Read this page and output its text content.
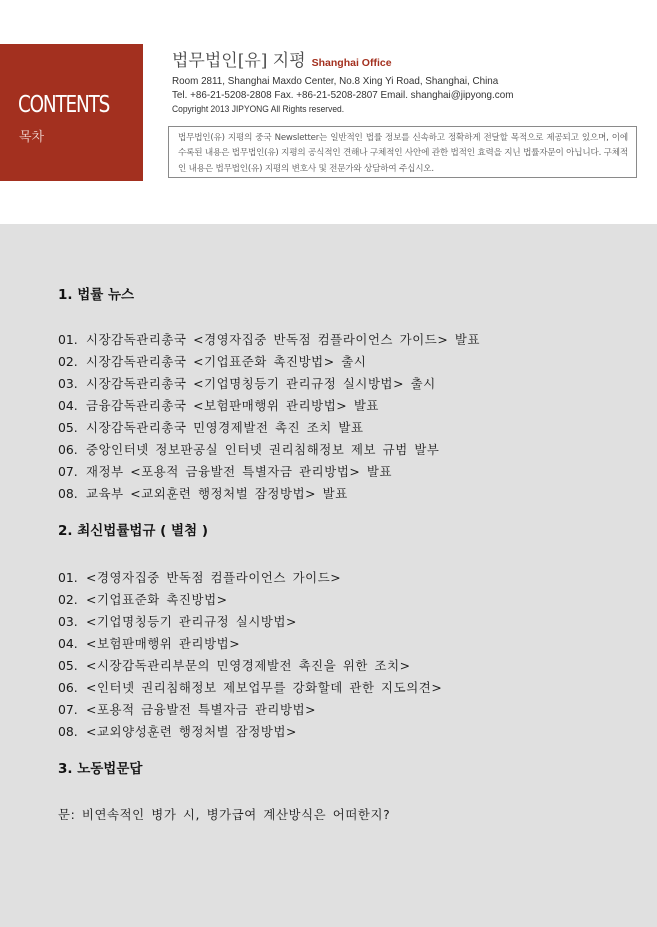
CONTENTS
목차
법무법인[유] 지평 Shanghai Office
Room 2811, Shanghai Maxdo Center, No.8 Xing Yi Road, Shanghai, China
Tel. +86-21-5208-2808 Fax. +86-21-5208-2807 Email. shanghai@jipyong.com
Copyright 2013 JIPYONG All Rights reserved.
법무법인(유) 지평의 중국 Newsletter는 일반적인 법률 정보를 신속하고 정확하게 전달할 목적으로 제공되고 있으며, 이에 수록된 내용은 법무법인(유) 지평의 공식적인 견해나 구체적인 사안에 관한 법적인 효력을 지닌 법률자문이 아닙니다. 구체적인 내용은 법무법인(유) 지평의 변호사 및 전문가와 상담하여 주십시오.
1. 법률 뉴스
01. 시장감독관리총국 <경영자집중 반독점 컴플라이언스 가이드> 발표
02. 시장감독관리총국 <기업표준화 촉진방법> 출시
03. 시장감독관리총국 <기업명칭등기 관리규정 실시방법> 출시
04. 금융감독관리총국 <보험판매행위 관리방법> 발표
05. 시장감독관리총국 민영경제발전 촉진 조치 발표
06. 중앙인터넷 정보판공실 인터넷 권리침해정보 제보 규범 발부
07. 재정부 <포용적 금융발전 특별자금 관리방법> 발표
08. 교육부 <교외훈련 행정처벌 잠정방법> 발표
2. 최신법률법규 ( 별첨 )
01. <경영자집중 반독점 컴플라이언스 가이드>
02. <기업표준화 촉진방법>
03. <기업명칭등기 관리규정 실시방법>
04. <보험판매행위 관리방법>
05. <시장감독관리부문의 민영경제발전 촉진을 위한 조치>
06. <인터넷 권리침해정보 제보업무를 강화할데 관한 지도의견>
07. <포용적 금융발전 특별자금 관리방법>
08. <교외양성훈련 행정처벌 잠정방법>
3. 노동법문답
문: 비연속적인 병가 시, 병가급여 계산방식은 어떠한지?
